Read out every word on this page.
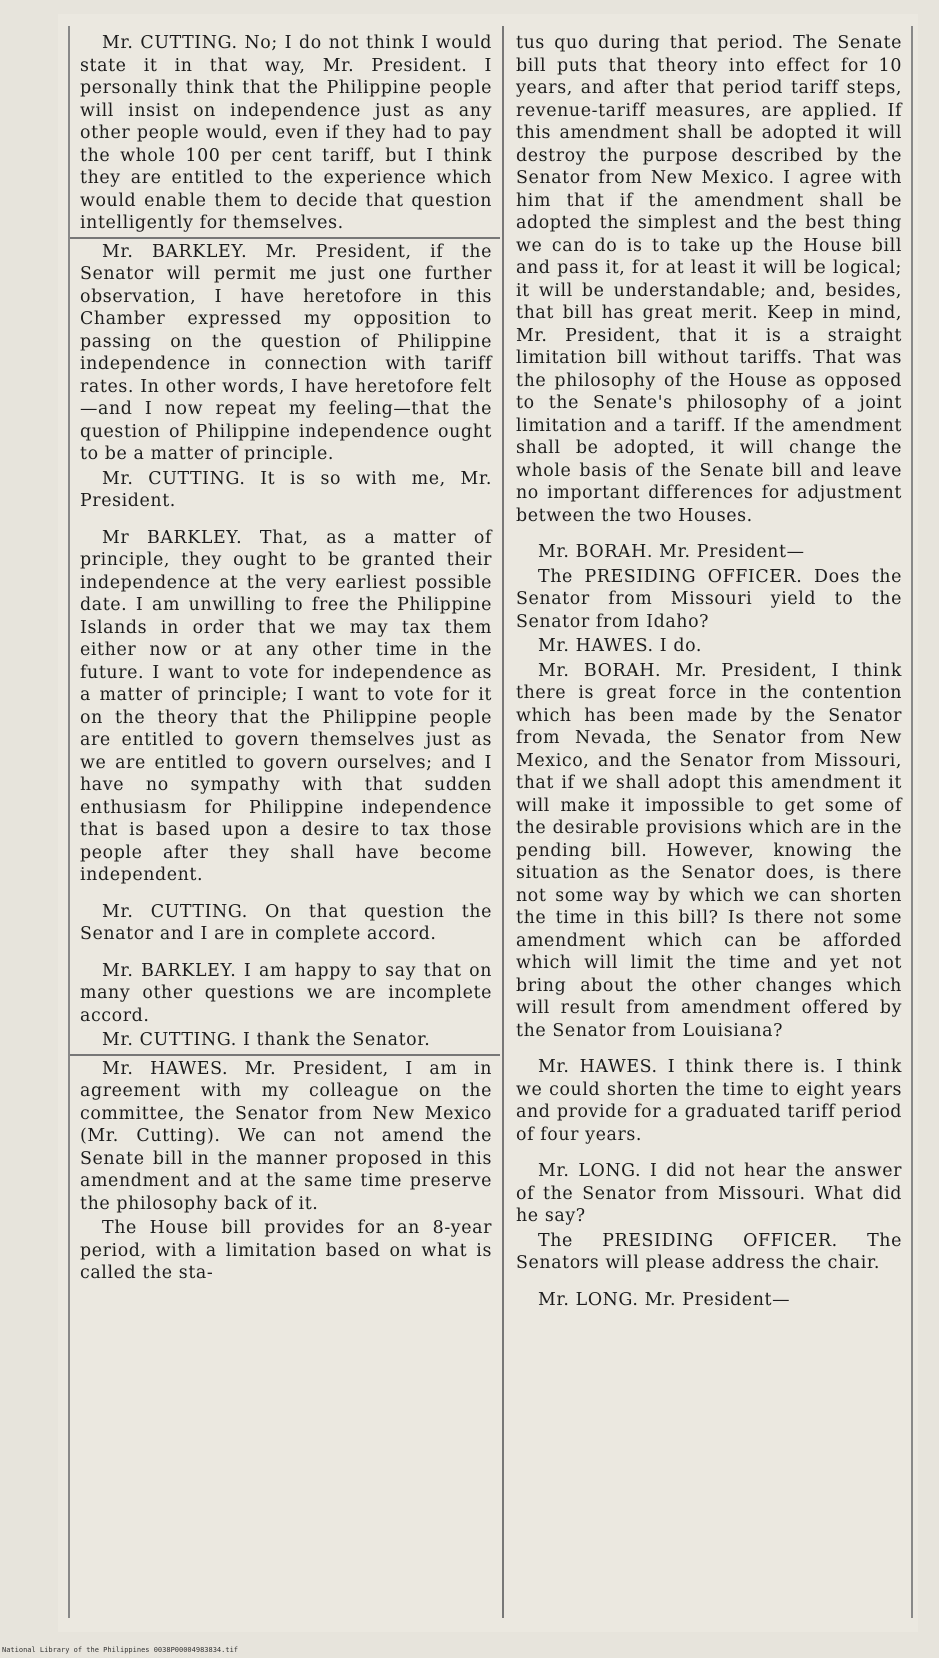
Mr. CUTTING. No; I do not think I would state it in that way, Mr. President. I personally think that the Philippine people will insist on independence just as any other people would, even if they had to pay the whole 100 per cent tariff, but I think they are entitled to the experience which would enable them to decide that question intelligently for themselves.

Mr. BARKLEY. Mr. President, if the Senator will permit me just one further observation, I have heretofore in this Chamber expressed my opposition to passing on the question of Philippine independence in connection with tariff rates. In other words, I have heretofore felt—and I now repeat my feeling—that the question of Philippine independence ought to be a matter of principle.

Mr. CUTTING. It is so with me, Mr. President.

Mr BARKLEY. That, as a matter of principle, they ought to be granted their independence at the very earliest possible date. I am unwilling to free the Philippine Islands in order that we may tax them either now or at any other time in the future. I want to vote for independence as a matter of principle; I want to vote for it on the theory that the Philippine people are entitled to govern themselves just as we are entitled to govern ourselves; and I have no sympathy with that sudden enthusiasm for Philippine independence that is based upon a desire to tax those people after they shall have become independent.

Mr. CUTTING. On that question the Senator and I are in complete accord.

Mr. BARKLEY. I am happy to say that on many other questions we are incomplete accord.

Mr. CUTTING. I thank the Senator.

Mr. HAWES. Mr. President, I am in agreement with my colleague on the committee, the Senator from New Mexico (Mr. Cutting). We can not amend the Senate bill in the manner proposed in this amendment and at the same time preserve the philosophy back of it.

The House bill provides for an 8-year period, with a limitation based on what is called the sta-

tus quo during that period. The Senate bill puts that theory into effect for 10 years, and after that period tariff steps, revenue-tariff measures, are applied. If this amendment shall be adopted it will destroy the purpose described by the Senator from New Mexico. I agree with him that if the amendment shall be adopted the simplest and the best thing we can do is to take up the House bill and pass it, for at least it will be logical; it will be understandable; and, besides, that bill has great merit. Keep in mind, Mr. President, that it is a straight limitation bill without tariffs. That was the philosophy of the House as opposed to the Senate's philosophy of a joint limitation and a tariff. If the amendment shall be adopted, it will change the whole basis of the Senate bill and leave no important differences for adjustment between the two Houses.

Mr. BORAH. Mr. President—

The PRESIDING OFFICER. Does the Senator from Missouri yield to the Senator from Idaho?

Mr. HAWES. I do.

Mr. BORAH. Mr. President, I think there is great force in the contention which has been made by the Senator from Nevada, the Senator from New Mexico, and the Senator from Missouri, that if we shall adopt this amendment it will make it impossible to get some of the desirable provisions which are in the pending bill. However, knowing the situation as the Senator does, is there not some way by which we can shorten the time in this bill? Is there not some amendment which can be afforded which will limit the time and yet not bring about the other changes which will result from amendment offered by the Senator from Louisiana?

Mr. HAWES. I think there is. I think we could shorten the time to eight years and provide for a graduated tariff period of four years.

Mr. LONG. I did not hear the answer of the Senator from Missouri. What did he say?

The PRESIDING OFFICER. The Senators will please address the chair.

Mr. LONG. Mr. President—

National Library of the Philippines 0038P00004983834.tif
